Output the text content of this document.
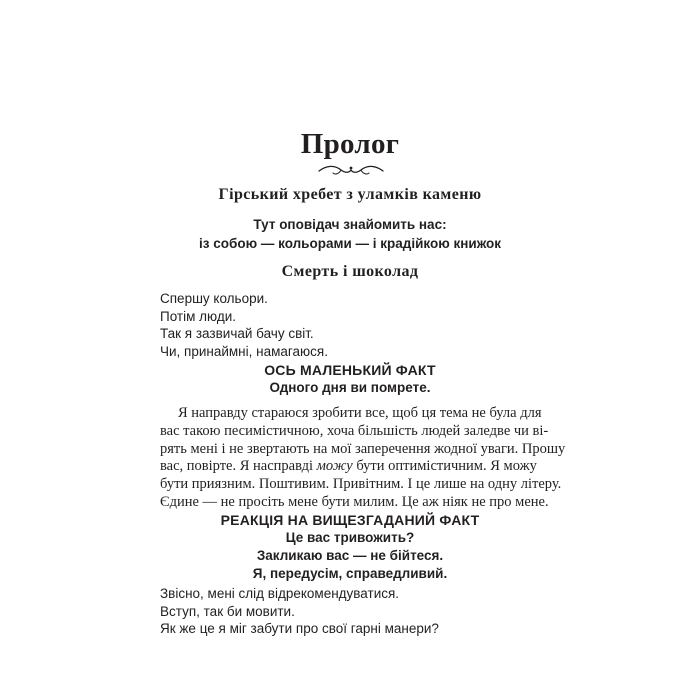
Пролог
Гірський хребет з уламків каменю
Тут оповідач знайомить нас:
із собою — кольорами — і крадійкою книжок
Смерть і шоколад
Спершу кольори.
Потім люди.
Так я зазвичай бачу світ.
Чи, принаймні, намагаюся.
ОСЬ МАЛЕНЬКИЙ ФАКТ
Одного дня ви помрете.
Я направду стараюся зробити все, щоб ця тема не була для
вас такою песимістичною, хоча більшість людей заледве чи ві-
рять мені і не звертають на мої заперечення жодної уваги. Прошу
вас, повірте. Я насправді можу бути оптимістичним. Я можу
бути приязним. Поштивим. Привітним. І це лише на одну літеру.
Єдине — не просіть мене бути милим. Це аж ніяк не про мене.
РЕАКЦІЯ НА ВИЩЕЗГАДАНИЙ ФАКТ
Це вас тривожить?
Закликаю вас — не бійтеся.
Я, передусім, справедливий.
Звісно, мені слід відрекомендуватися.
Вступ, так би мовити.
Як же це я міг забути про свої гарні манери?
